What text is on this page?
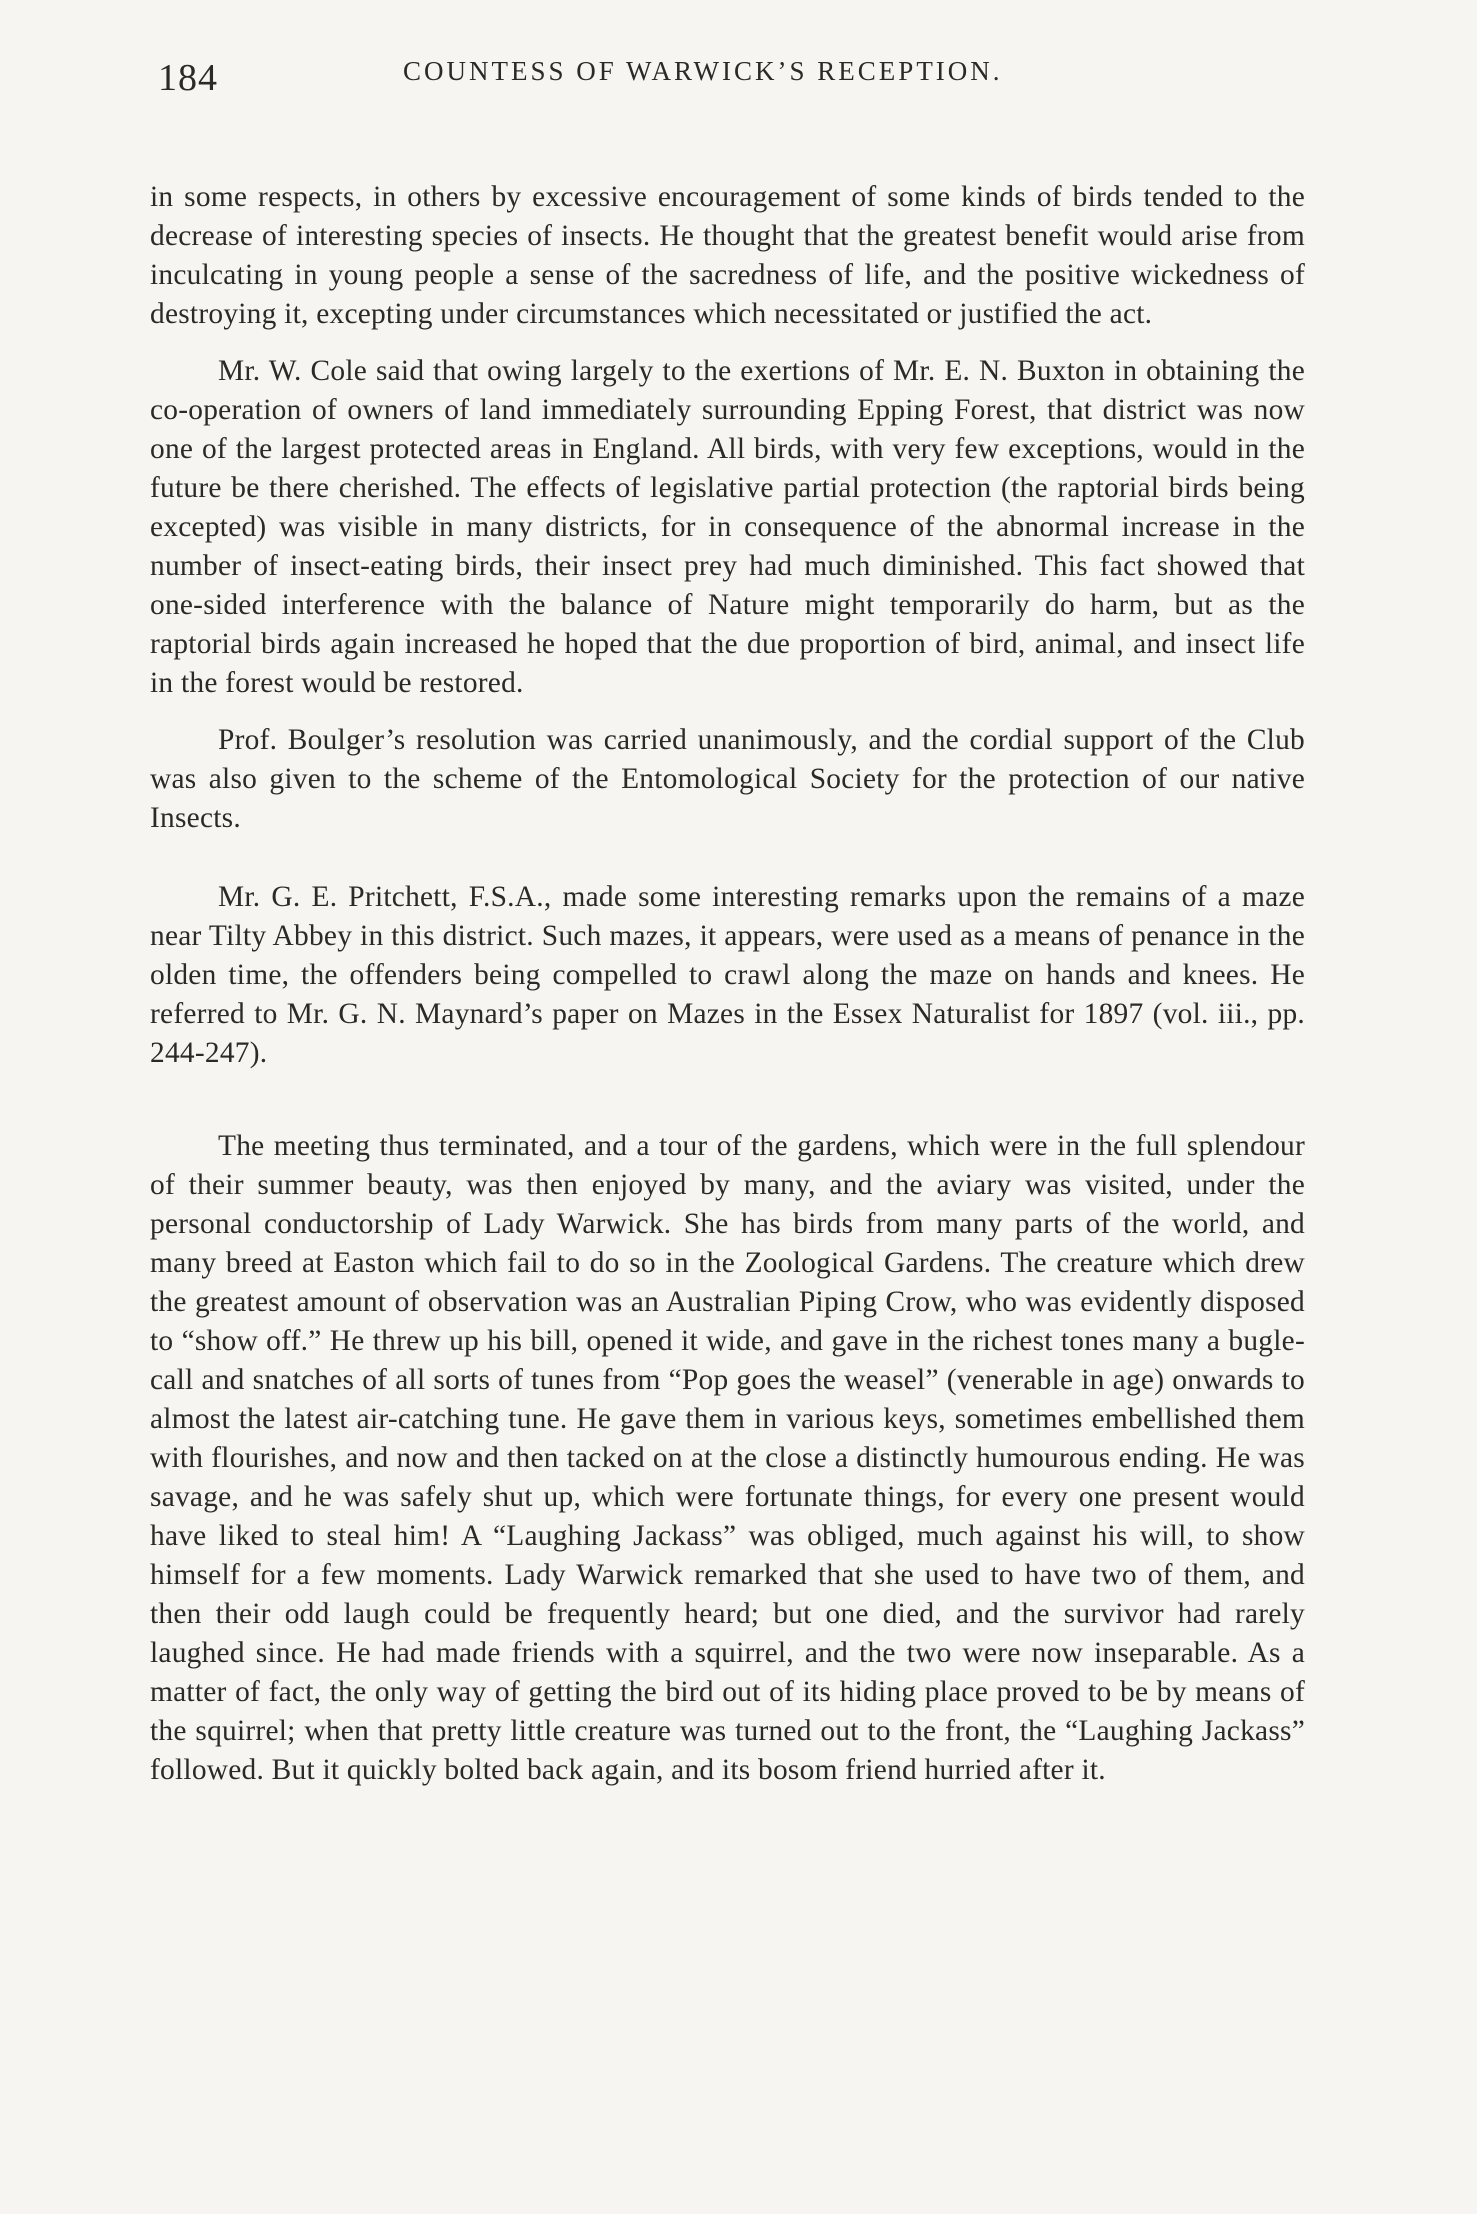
184	COUNTESS OF WARWICK’S RECEPTION.

in some respects, in others by excessive encouragement of some kinds of birds tended to the decrease of interesting species of insects. He thought that the greatest benefit would arise from inculcating in young people a sense of the sacredness of life, and the positive wickedness of destroying it, excepting under circumstances which necessitated or justified the act.

Mr. W. Cole said that owing largely to the exertions of Mr. E. N. Buxton in obtaining the co-operation of owners of land immediately surrounding Epping Forest, that district was now one of the largest protected areas in England. All birds, with very few exceptions, would in the future be there cherished. The effects of legislative partial protection (the raptorial birds being excepted) was visible in many districts, for in consequence of the abnormal increase in the number of insect-eating birds, their insect prey had much diminished. This fact showed that one-sided interference with the balance of Nature might temporarily do harm, but as the raptorial birds again increased he hoped that the due proportion of bird, animal, and insect life in the forest would be restored.

Prof. Boulger’s resolution was carried unanimously, and the cordial support of the Club was also given to the scheme of the Entomological Society for the protection of our native Insects.

Mr. G. E. Pritchett, F.S.A., made some interesting remarks upon the remains of a maze near Tilty Abbey in this district. Such mazes, it appears, were used as a means of penance in the olden time, the offenders being compelled to crawl along the maze on hands and knees. He referred to Mr. G. N. Maynard’s paper on Mazes in the Essex Naturalist for 1897 (vol. iii., pp. 244-247).

The meeting thus terminated, and a tour of the gardens, which were in the full splendour of their summer beauty, was then enjoyed by many, and the aviary was visited, under the personal conductorship of Lady Warwick. She has birds from many parts of the world, and many breed at Easton which fail to do so in the Zoological Gardens. The creature which drew the greatest amount of observation was an Australian Piping Crow, who was evidently disposed to “show off.” He threw up his bill, opened it wide, and gave in the richest tones many a bugle-call and snatches of all sorts of tunes from “Pop goes the weasel” (venerable in age) onwards to almost the latest air-catching tune. He gave them in various keys, sometimes embellished them with flourishes, and now and then tacked on at the close a distinctly humourous ending. He was savage, and he was safely shut up, which were fortunate things, for every one present would have liked to steal him! A “Laughing Jackass” was obliged, much against his will, to show himself for a few moments. Lady Warwick remarked that she used to have two of them, and then their odd laugh could be frequently heard; but one died, and the survivor had rarely laughed since. He had made friends with a squirrel, and the two were now inseparable. As a matter of fact, the only way of getting the bird out of its hiding place proved to be by means of the squirrel; when that pretty little creature was turned out to the front, the “Laughing Jackass” followed. But it quickly bolted back again, and its bosom friend hurried after it.
